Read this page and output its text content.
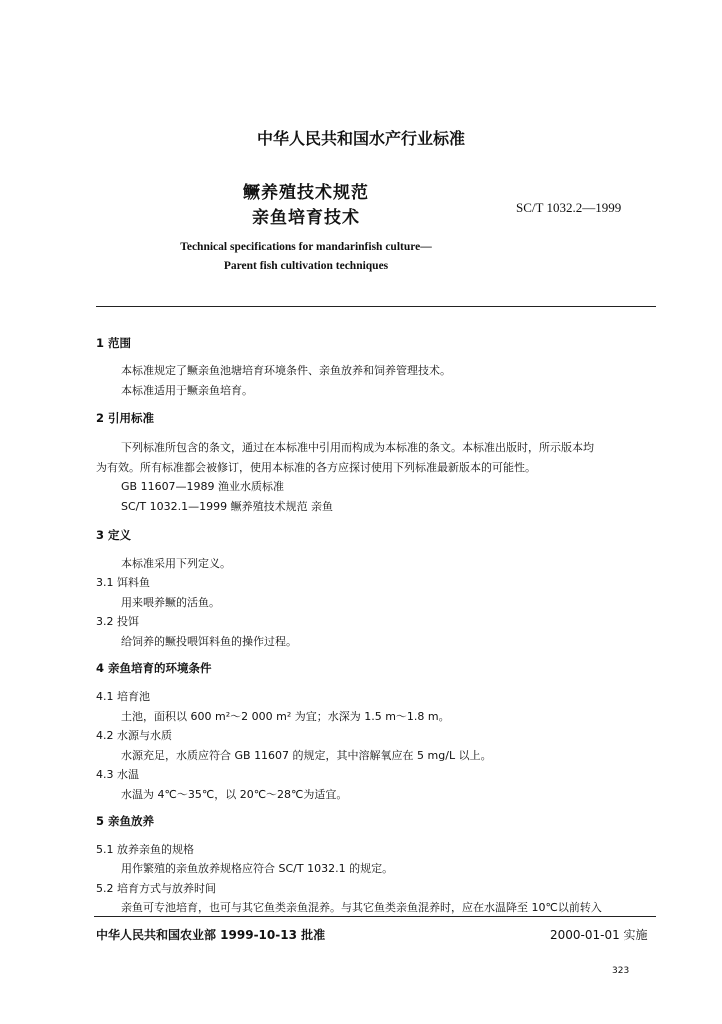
中华人民共和国水产行业标准
鳜养殖技术规范
亲鱼培育技术
SC/T 1032.2—1999
Technical specifications for mandarinfish culture—
Parent fish cultivation techniques
1 范围
本标准规定了鳜亲鱼池塘培育环境条件、亲鱼放养和饲养管理技术。
本标准适用于鳜亲鱼培育。
2 引用标准
下列标准所包含的条文，通过在本标准中引用而构成为本标准的条文。本标准出版时，所示版本均
为有效。所有标准都会被修订，使用本标准的各方应探讨使用下列标准最新版本的可能性。
GB 11607—1989 渔业水质标准
SC/T 1032.1—1999 鳜养殖技术规范 亲鱼
3 定义
本标准采用下列定义。
3.1 饵料鱼
用来喂养鳜的活鱼。
3.2 投饵
给饲养的鳜投喂饵料鱼的操作过程。
4 亲鱼培育的环境条件
4.1 培育池
土池，面积以 600 m²～2 000 m² 为宜；水深为 1.5 m～1.8 m。
4.2 水源与水质
水源充足，水质应符合 GB 11607 的规定，其中溶解氧应在 5 mg/L 以上。
4.3 水温
水温为 4℃～35℃，以 20℃～28℃为适宜。
5 亲鱼放养
5.1 放养亲鱼的规格
用作繁殖的亲鱼放养规格应符合 SC/T 1032.1 的规定。
5.2 培育方式与放养时间
亲鱼可专池培育，也可与其它鱼类亲鱼混养。与其它鱼类亲鱼混养时，应在水温降至 10℃以前转入
中华人民共和国农业部 1999-10-13 批准	2000-01-01 实施
323
